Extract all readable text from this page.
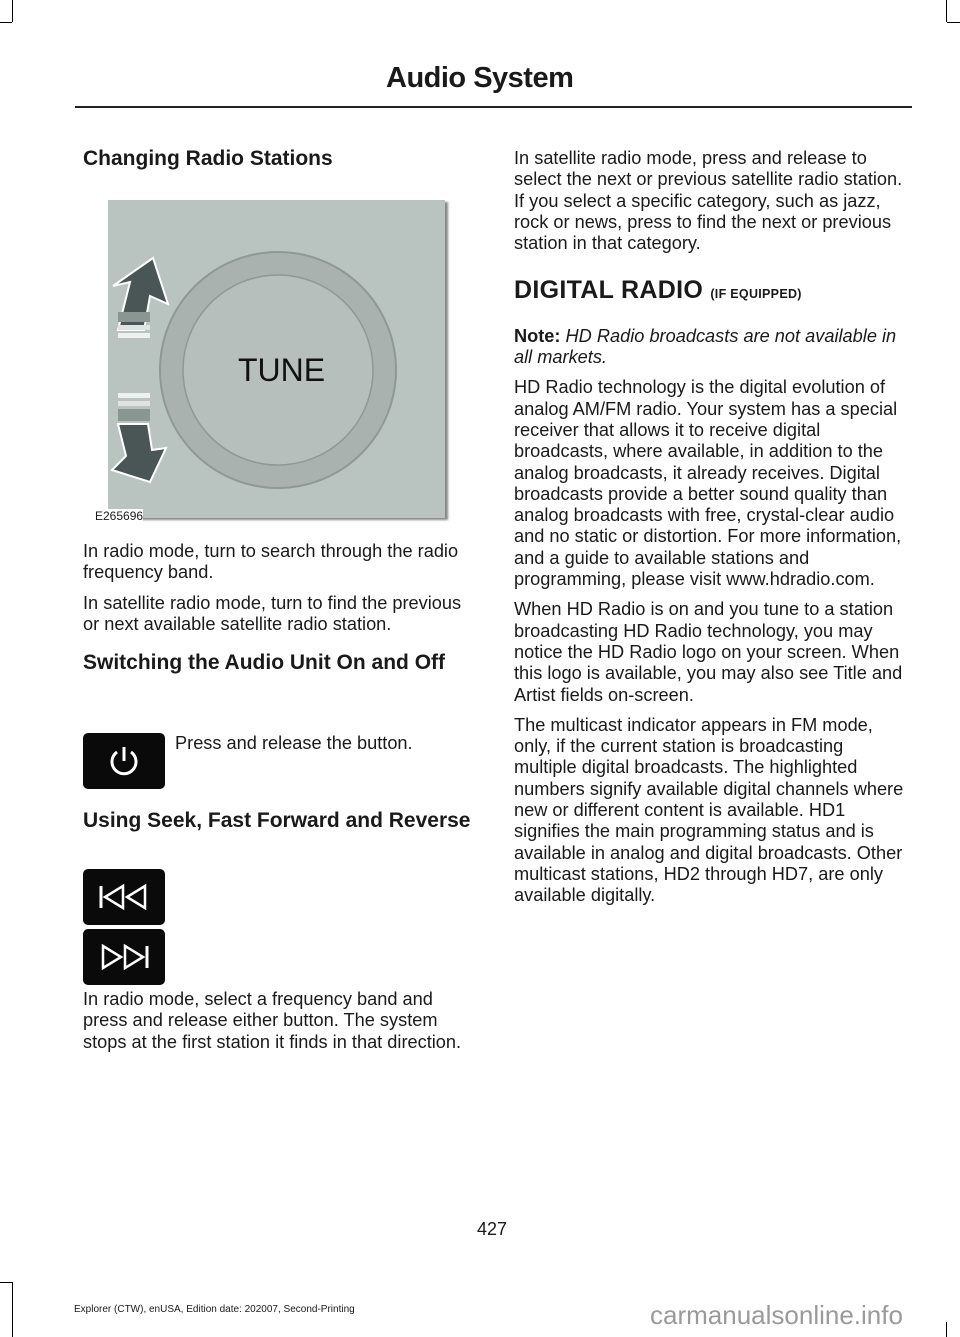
Audio System
Changing Radio Stations
TUNE
E265696

In radio mode, turn to search through the radio frequency band.

In satellite radio mode, turn to find the previous or next available satellite radio station.

Switching the Audio Unit On and Off
Press and release the button.
Using Seek, Fast Forward and Reverse
In radio mode, select a frequency band and press and release either button. The system stops at the first station it finds in that direction.

In satellite radio mode, press and release to select the next or previous satellite radio station. If you select a specific category, such as jazz, rock or news, press to find the next or previous station in that category.

DIGITAL RADIO (IF EQUIPPED)

Note: HD Radio broadcasts are not available in all markets.

HD Radio technology is the digital evolution of analog AM/FM radio. Your system has a special receiver that allows it to receive digital broadcasts, where available, in addition to the analog broadcasts, it already receives. Digital broadcasts provide a better sound quality than analog broadcasts with free, crystal-clear audio and no static or distortion. For more information, and a guide to available stations and programming, please visit www.hdradio.com.

When HD Radio is on and you tune to a station broadcasting HD Radio technology, you may notice the HD Radio logo on your screen. When this logo is available, you may also see Title and Artist fields on-screen.

The multicast indicator appears in FM mode, only, if the current station is broadcasting multiple digital broadcasts. The highlighted numbers signify available digital channels where new or different content is available. HD1 signifies the main programming status and is available in analog and digital broadcasts. Other multicast stations, HD2 through HD7, are only available digitally.

427
Explorer (CTW), enUSA, Edition date: 202007, Second-Printing	carmanualsonline.info
